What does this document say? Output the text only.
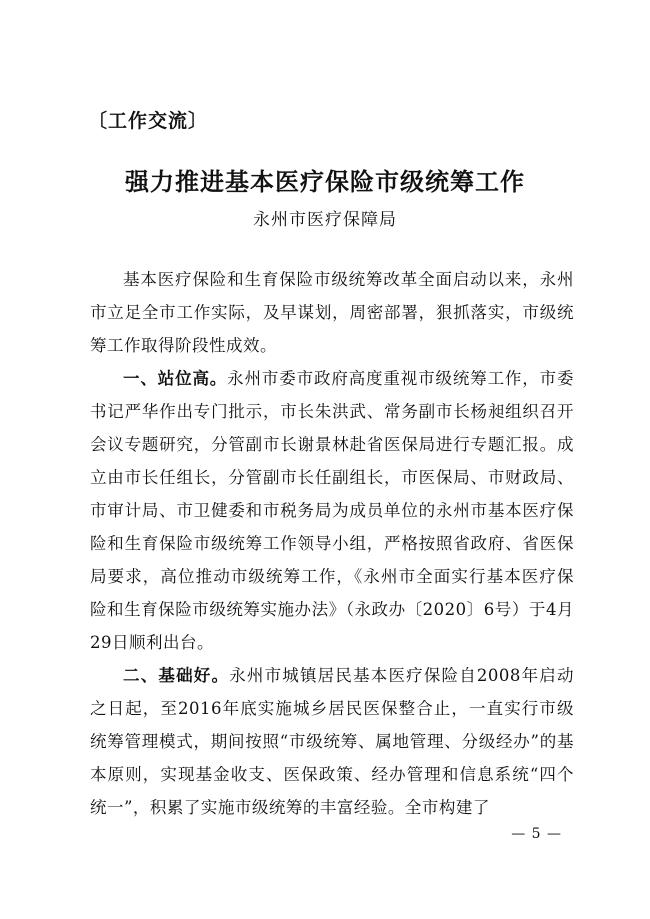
〔工作交流〕
强力推进基本医疗保险市级统筹工作
永州市医疗保障局

基本医疗保险和生育保险市级统筹改革全面启动以来，永州市立足全市工作实际，及早谋划，周密部署，狠抓落实，市级统筹工作取得阶段性成效。

一、站位高。永州市委市政府高度重视市级统筹工作，市委书记严华作出专门批示，市长朱洪武、常务副市长杨昶组织召开会议专题研究，分管副市长谢景林赴省医保局进行专题汇报。成立由市长任组长，分管副市长任副组长，市医保局、市财政局、市审计局、市卫健委和市税务局为成员单位的永州市基本医疗保险和生育保险市级统筹工作领导小组，严格按照省政府、省医保局要求，高位推动市级统筹工作，《永州市全面实行基本医疗保险和生育保险市级统筹实施办法》（永政办〔2020〕6号）于4月29日顺利出台。

二、基础好。永州市城镇居民基本医疗保险自2008年启动之日起，至2016年底实施城乡居民医保整合止，一直实行市级统筹管理模式，期间按照“市级统筹、属地管理、分级经办”的基本原则，实现基金收支、医保政策、经办管理和信息系统“四个统一”，积累了实施市级统筹的丰富经验。全市构建了

— 5 —
